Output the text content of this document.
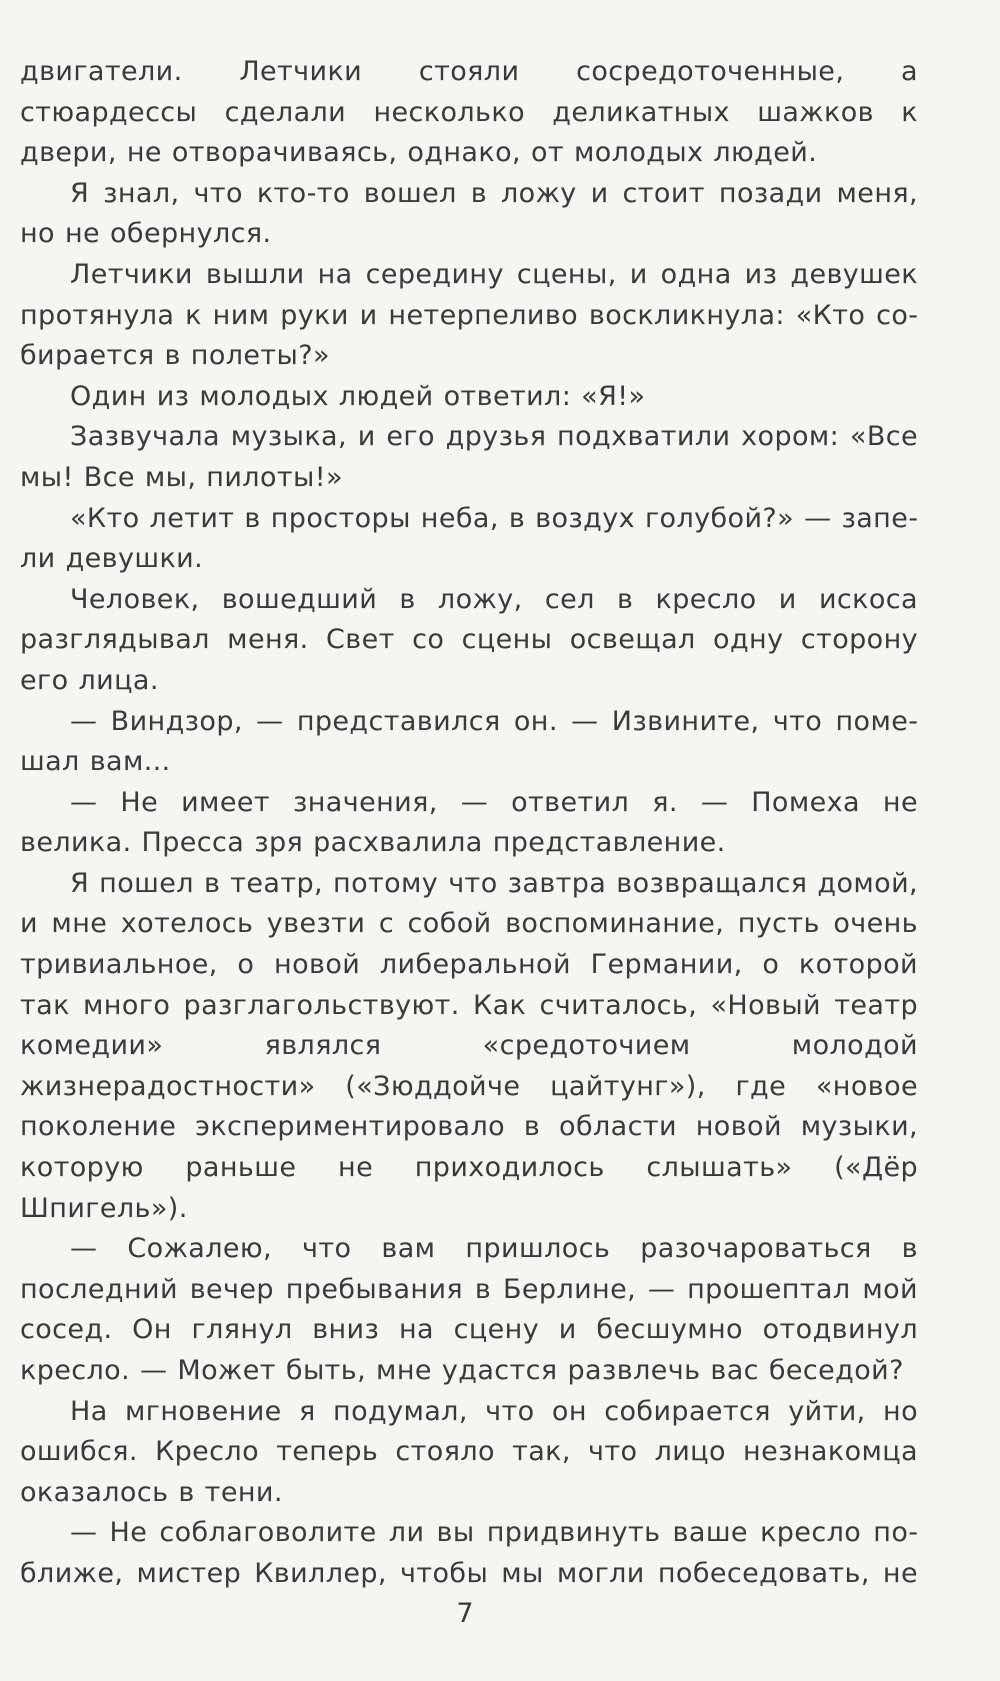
двигатели. Летчики стояли сосредоточенные, а стюардессы сделали несколько деликатных шажков к двери, не отворачиваясь, однако, от молодых людей.

Я знал, что кто-то вошел в ложу и стоит позади меня, но не обернулся.

Летчики вышли на середину сцены, и одна из девушек протянула к ним руки и нетерпеливо воскликнула: «Кто собирается в полеты?»

Один из молодых людей ответил: «Я!»

Зазвучала музыка, и его друзья подхватили хором: «Все мы! Все мы, пилоты!»

«Кто летит в просторы неба, в воздух голубой?» — запели девушки.

Человек, вошедший в ложу, сел в кресло и искоса разглядывал меня. Свет со сцены освещал одну сторону его лица.

— Виндзор, — представился он. — Извините, что помешал вам...

— Не имеет значения, — ответил я. — Помеха не велика. Пресса зря расхвалила представление.

Я пошел в театр, потому что завтра возвращался домой, и мне хотелось увезти с собой воспоминание, пусть очень тривиальное, о новой либеральной Германии, о которой так много разглагольствуют. Как считалось, «Новый театр комедии» являлся «средоточием молодой жизнерадостности» («Зюддойче цайтунг»), где «новое поколение экспериментировало в области новой музыки, которую раньше не приходилось слышать» («Дёр Шпигель»).

— Сожалею, что вам пришлось разочароваться в последний вечер пребывания в Берлине, — прошептал мой сосед. Он глянул вниз на сцену и бесшумно отодвинул кресло. — Может быть, мне удастся развлечь вас беседой?

На мгновение я подумал, что он собирается уйти, но ошибся. Кресло теперь стояло так, что лицо незнакомца оказалось в тени.

— Не соблаговолите ли вы придвинуть ваше кресло поближе, мистер Квиллер, чтобы мы могли побеседовать, не

7
